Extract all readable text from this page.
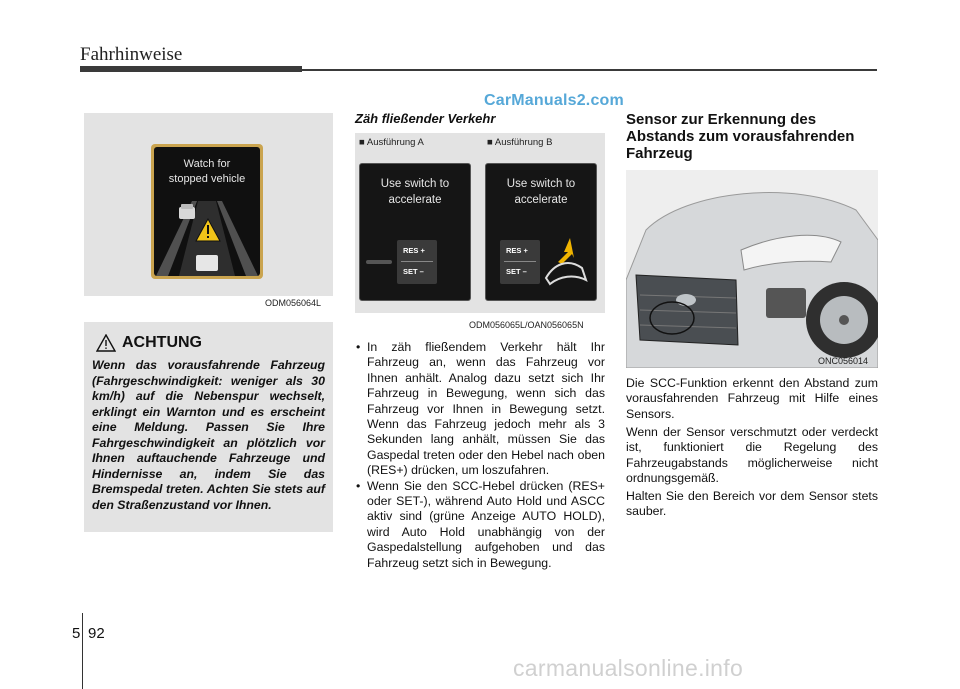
Fahrhinweise
CarManuals2.com
Watch for
stopped vehicle
ODM056064L
ACHTUNG

Wenn das vorausfahrende Fahrzeug (Fahrgeschwindigkeit: weniger als 30 km/h) auf die Nebenspur wechselt, erklingt ein Warnton und es erscheint eine Meldung. Passen Sie Ihre Fahrgeschwindigkeit an plötzlich vor Ihnen auftauchende Fahrzeuge und Hindernisse an, indem Sie das Bremspedal treten. Achten Sie stets auf den Straßenzustand vor Ihnen.

Zäh fließender Verkehr
■ Ausführung A	■ Ausführung B
Use switch to
accelerate
RES +
SET –
Use switch to
accelerate
RES +
SET –
ODM056065L/OAN056065N
• In zäh fließendem Verkehr hält Ihr Fahrzeug an, wenn das Fahrzeug vor Ihnen anhält. Analog dazu setzt sich Ihr Fahrzeug in Bewegung, wenn sich das Fahrzeug vor Ihnen in Bewegung setzt. Wenn das Fahrzeug jedoch mehr als 3 Sekunden lang anhält, müssen Sie das Gaspedal treten oder den Hebel nach oben (RES+) drücken, um loszufahren.
• Wenn Sie den SCC-Hebel drücken (RES+ oder SET-), während Auto Hold und ASCC aktiv sind (grüne Anzeige AUTO HOLD), wird Auto Hold unabhängig von der Gaspedalstellung aufgehoben und das Fahrzeug setzt sich in Bewegung.
Sensor zur Erkennung des Abstands zum vorausfahrenden Fahrzeug
ONC056014

Die SCC-Funktion erkennt den Abstand zum vorausfahrenden Fahrzeug mit Hilfe eines Sensors.

Wenn der Sensor verschmutzt oder verdeckt ist, funktioniert die Regelung des Fahrzeugabstands möglicherweise nicht ordnungsgemäß.

Halten Sie den Bereich vor dem Sensor stets sauber.

5 92
carmanualsonline.info
